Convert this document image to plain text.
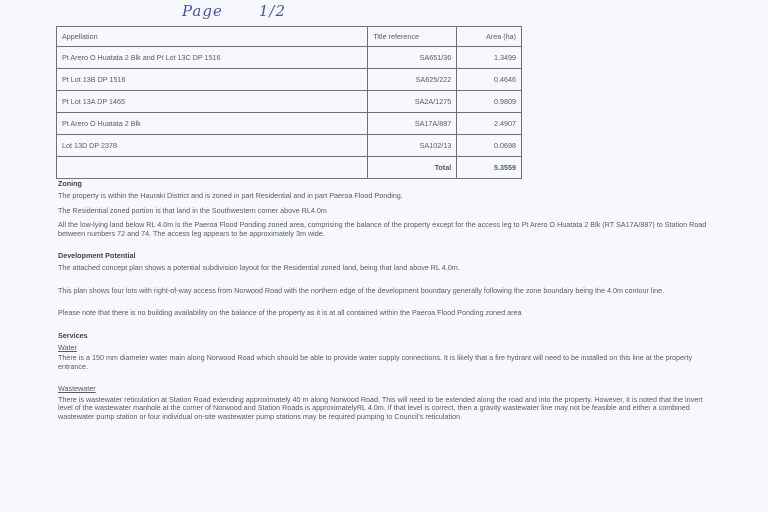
Page 1/2
Appellation	Title reference	Area (ha)
Pt Arero O Huatata 2 Blk and Pt Lot 13C DP 1516	SA651/36	1.3499
Pt Lot 13B DP 1516	SA625/222	0.4646
Pt Lot 13A DP 1465	SA2A/1275	0.9809
Pt Arero O Huatata 2 Blk	SA17A/887	2.4907
Lot 13D DP 2378	SA102/13	0.0698
	Total	5.3559
Zoning
The property is within the Hauraki District and is zoned in part Residential and in part Paeroa Flood Ponding.
The Residential zoned portion is that land in the Southwestern corner above RL4.0m
All the low-lying land below RL 4.0m is the Paeroa Flood Ponding zoned area, comprising the balance of the property except for the access leg to Pt Arero O Huatata 2 Blk (RT SA17A/887) to Station Road between numbers 72 and 74. The access leg appears to be approximately 3m wide.
Development Potential
The attached concept plan shows a potential subdivision layout for the Residential zoned land, being that land above RL 4.0m.
This plan shows four lots with right-of-way access from Norwood Road with the northern edge of the development boundary generally following the zone boundary being the 4.0m contour line.
Please note that there is no building availability on the balance of the property as it is at all contained within the Paeroa Flood Ponding zoned area
Services
Water
There is a 150 mm diameter water main along Norwood Road which should be able to provide water supply connections. It is likely that a fire hydrant will need to be installed on this line at the property entrance.
Wastewater
There is wastewater reticulation at Station Road extending approximately 40 m along Norwood Road. This will need to be extended along the road and into the property. However, it is noted that the invert level of the wastewater manhole at the corner of Norwood and Station Roads is approximatelyRL 4.0m. If that level is correct, then a gravity wastewater line may not be feasible and either a combined wastewater pump station or four individual on-site wastewater pump stations may be required pumping to Council's reticulation.
